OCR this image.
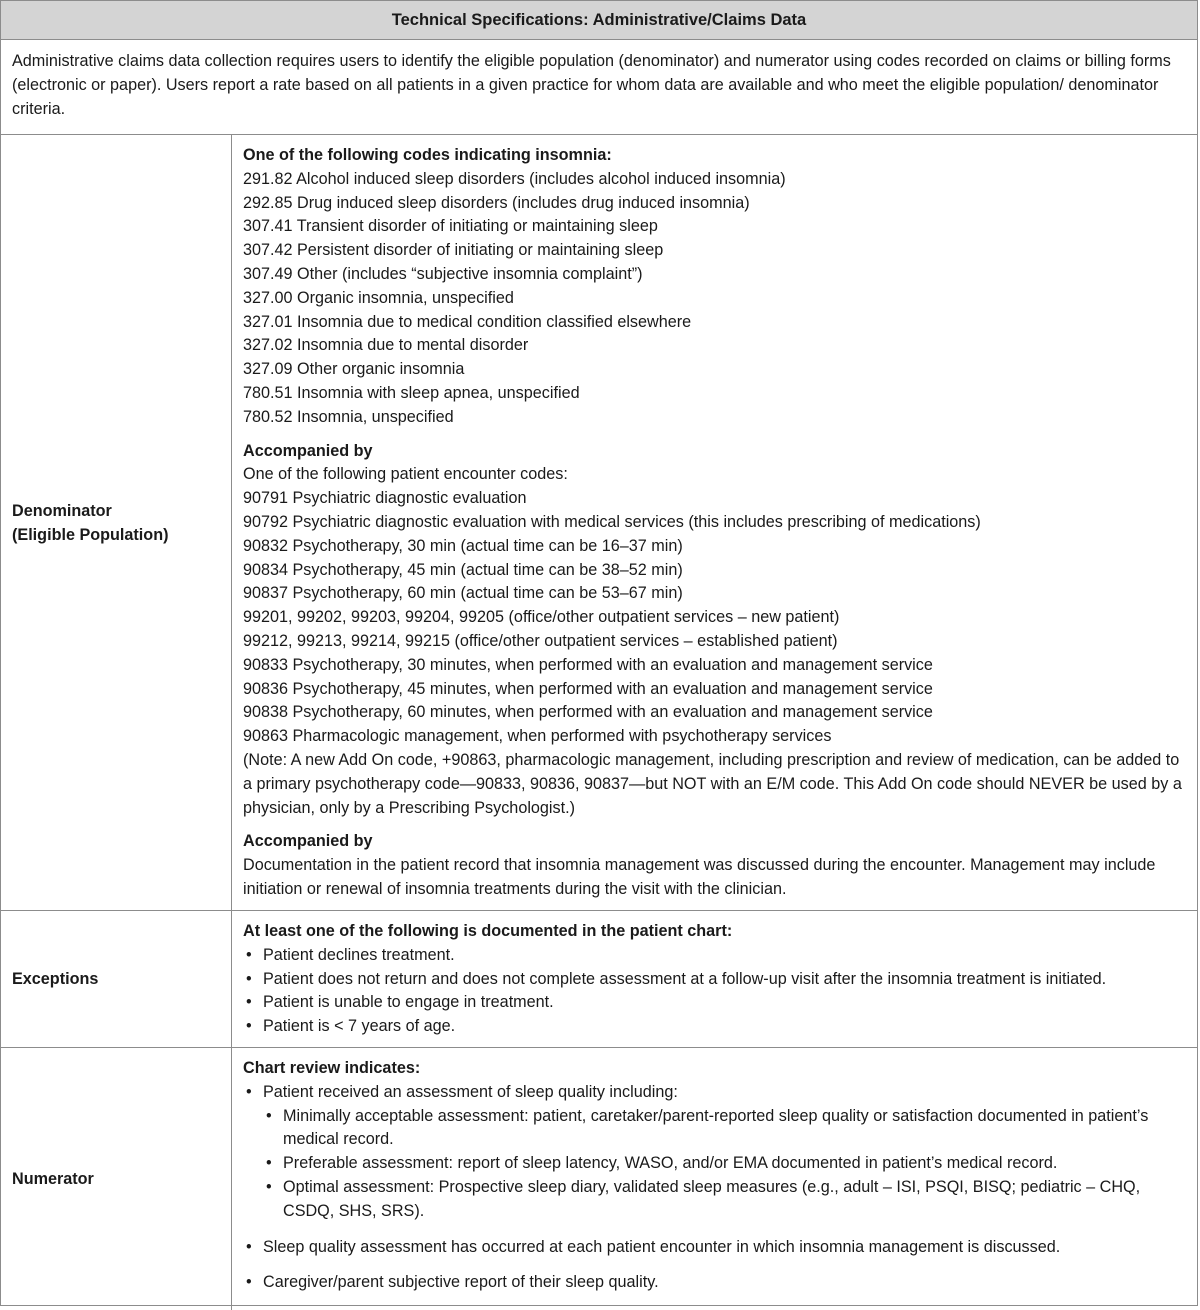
Technical Specifications: Administrative/Claims Data
Administrative claims data collection requires users to identify the eligible population (denominator) and numerator using codes recorded on claims or billing forms (electronic or paper). Users report a rate based on all patients in a given practice for whom data are available and who meet the eligible population/ denominator criteria.
Denominator
(Eligible Population)
One of the following codes indicating insomnia:
291.82 Alcohol induced sleep disorders (includes alcohol induced insomnia)
292.85 Drug induced sleep disorders (includes drug induced insomnia)
307.41 Transient disorder of initiating or maintaining sleep
307.42 Persistent disorder of initiating or maintaining sleep
307.49 Other (includes “subjective insomnia complaint”)
327.00 Organic insomnia, unspecified
327.01 Insomnia due to medical condition classified elsewhere
327.02 Insomnia due to mental disorder
327.09 Other organic insomnia
780.51 Insomnia with sleep apnea, unspecified
780.52 Insomnia, unspecified
Accompanied by
One of the following patient encounter codes:
90791 Psychiatric diagnostic evaluation
90792 Psychiatric diagnostic evaluation with medical services (this includes prescribing of medications)
90832 Psychotherapy, 30 min (actual time can be 16–37 min)
90834 Psychotherapy, 45 min (actual time can be 38–52 min)
90837 Psychotherapy, 60 min (actual time can be 53–67 min)
99201, 99202, 99203, 99204, 99205 (office/other outpatient services – new patient)
99212, 99213, 99214, 99215 (office/other outpatient services – established patient)
90833 Psychotherapy, 30 minutes, when performed with an evaluation and management service
90836 Psychotherapy, 45 minutes, when performed with an evaluation and management service
90838 Psychotherapy, 60 minutes, when performed with an evaluation and management service
90863 Pharmacologic management, when performed with psychotherapy services
(Note: A new Add On code, +90863, pharmacologic management, including prescription and review of medication, can be added to a primary psychotherapy code—90833, 90836, 90837—but NOT with an E/M code. This Add On code should NEVER be used by a physician, only by a Prescribing Psychologist.)
Accompanied by
Documentation in the patient record that insomnia management was discussed during the encounter. Management may include initiation or renewal of insomnia treatments during the visit with the clinician.
Exceptions
At least one of the following is documented in the patient chart:
• Patient declines treatment.
• Patient does not return and does not complete assessment at a follow-up visit after the insomnia treatment is initiated.
• Patient is unable to engage in treatment.
• Patient is < 7 years of age.
Numerator
Chart review indicates:
• Patient received an assessment of sleep quality including:
• Minimally acceptable assessment: patient, caretaker/parent-reported sleep quality or satisfaction documented in patient’s medical record.
• Preferable assessment: report of sleep latency, WASO, and/or EMA documented in patient’s medical record.
• Optimal assessment: Prospective sleep diary, validated sleep measures (e.g., adult – ISI, PSQI, BISQ; pediatric – CHQ, CSDQ, SHS, SRS).
• Sleep quality assessment has occurred at each patient encounter in which insomnia management is discussed.
• Caregiver/parent subjective report of their sleep quality.
